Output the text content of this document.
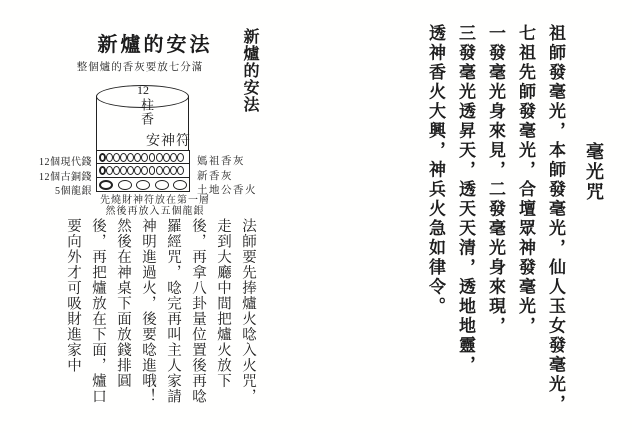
新爐的安法
整個爐的香灰要放七分滿	新爐的安法
12
柱香
安神符
12個現代錢
12個古銅錢
5個龍銀
媽祖香灰
新香灰
土地公香火
先燒財神符放在第一層
然後再放入五個龍銀
法師要先捧爐火唸入火咒，
走到大廳中間把爐火放下
後，再拿八卦量位置後再唸
羅經咒，唸完再叫主人家請
神明進過火，後要唸進哦！
然後在神桌下面放錢排圓
後，再把爐放在下面，爐口
要向外才可吸財進家中
毫光咒
祖師發毫光，本師發毫光，仙人玉女發毫光，
七祖先師發毫光，合壇眾神發毫光，
一發毫光身來見，二發毫光身來現，
三發毫光透昇天，透天天清，透地地靈，
透神香火大興，神兵火急如律令。
